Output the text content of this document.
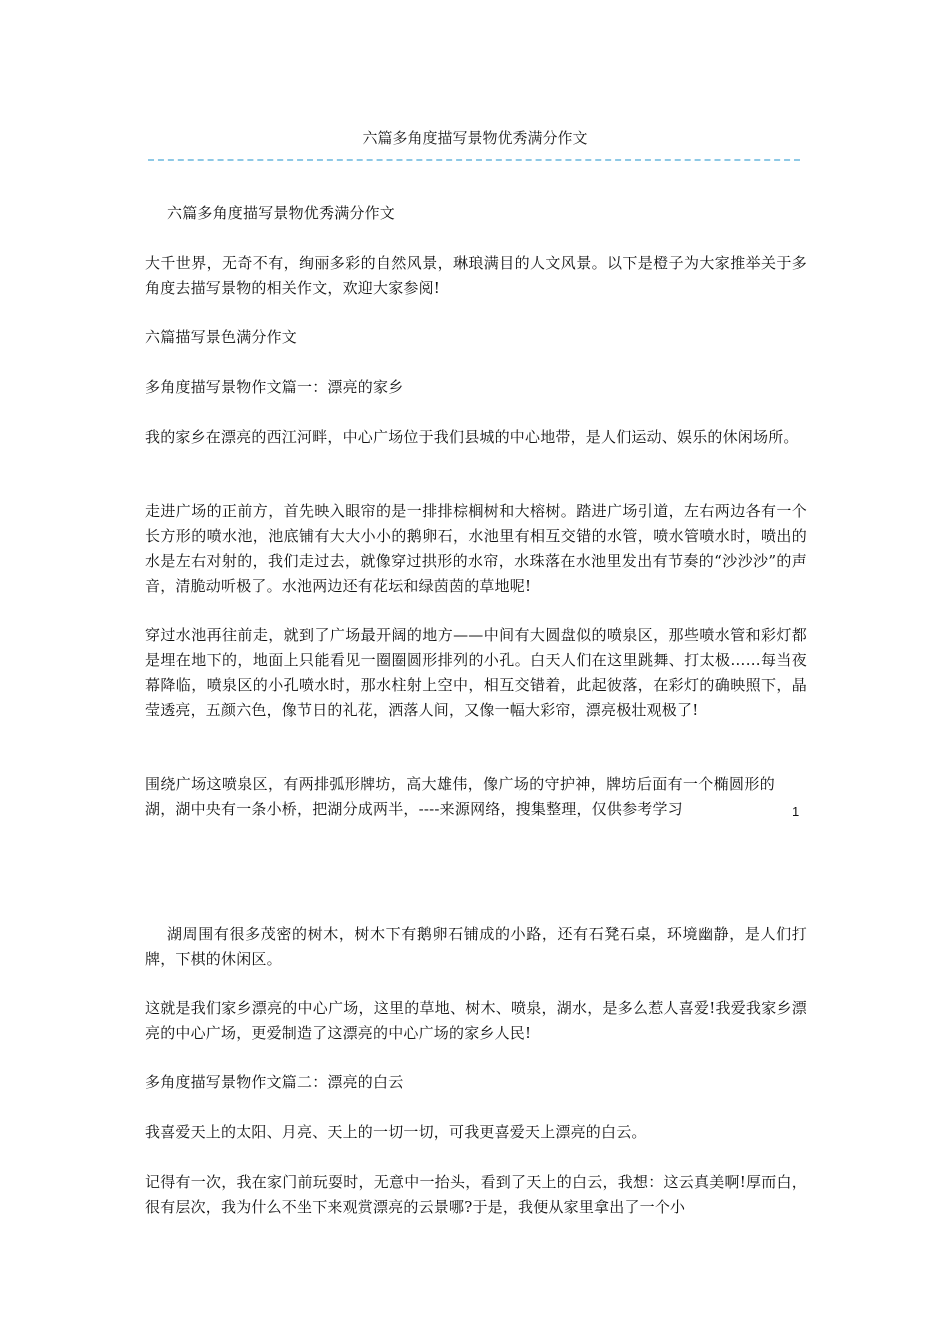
六篇多角度描写景物优秀满分作文

六篇多角度描写景物优秀满分作文

大千世界，无奇不有，绚丽多彩的自然风景，琳琅满目的人文风景。以下是橙子为大家推举关于多角度去描写景物的相关作文，欢迎大家参阅!

六篇描写景色满分作文

多角度描写景物作文篇一：漂亮的家乡

我的家乡在漂亮的西江河畔，中心广场位于我们县城的中心地带，是人们运动、娱乐的休闲场所。

走进广场的正前方，首先映入眼帘的是一排排棕榈树和大榕树。踏进广场引道，左右两边各有一个长方形的喷水池，池底铺有大大小小的鹅卵石，水池里有相互交错的水管，喷水管喷水时，喷出的水是左右对射的，我们走过去，就像穿过拱形的水帘，水珠落在水池里发出有节奏的“沙沙沙”的声音，清脆动听极了。水池两边还有花坛和绿茵茵的草地呢!

穿过水池再往前走，就到了广场最开阔的地方——中间有大圆盘似的喷泉区，那些喷水管和彩灯都是埋在地下的，地面上只能看见一圈圈圆形排列的小孔。白天人们在这里跳舞、打太极……每当夜幕降临，喷泉区的小孔喷水时，那水柱射上空中，相互交错着，此起彼落，在彩灯的确映照下，晶莹透亮，五颜六色，像节日的礼花，洒落人间，又像一幅大彩帘，漂亮极壮观极了!

围绕广场这喷泉区，有两排弧形牌坊，高大雄伟，像广场的守护神，牌坊后面有一个椭圆形的湖，湖中央有一条小桥，把湖分成两半，----来源网络，搜集整理，仅供参考学习	1

湖周围有很多茂密的树木，树木下有鹅卵石铺成的小路，还有石凳石桌，环境幽静，是人们打牌，下棋的休闲区。

这就是我们家乡漂亮的中心广场，这里的草地、树木、喷泉，湖水，是多么惹人喜爱!我爱我家乡漂亮的中心广场，更爱制造了这漂亮的中心广场的家乡人民!

多角度描写景物作文篇二：漂亮的白云

我喜爱天上的太阳、月亮、天上的一切一切，可我更喜爱天上漂亮的白云。

记得有一次，我在家门前玩耍时，无意中一抬头，看到了天上的白云，我想：这云真美啊!厚而白，很有层次，我为什么不坐下来观赏漂亮的云景哪?于是，我便从家里拿出了一个小
